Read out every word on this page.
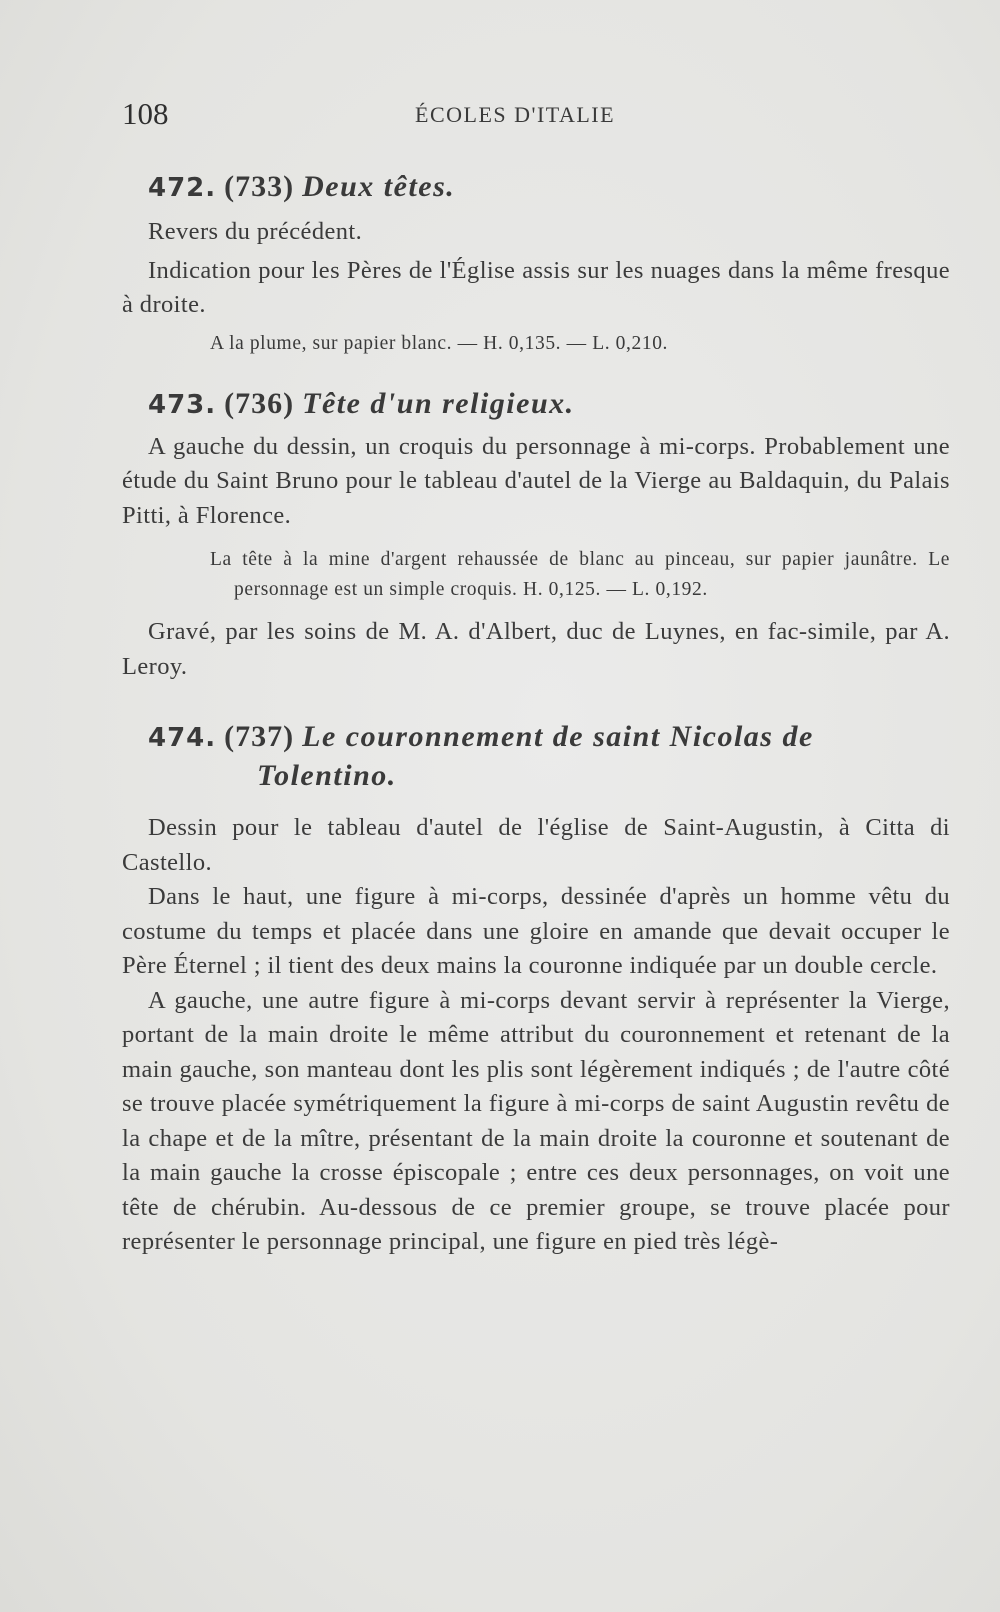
108	ÉCOLES D'ITALIE
472. (733) Deux têtes.

Revers du précédent.

Indication pour les Pères de l'Église assis sur les nuages dans la même fresque à droite.

A la plume, sur papier blanc. — H. 0,135. — L. 0,210.

473. (736) Tête d'un religieux.

A gauche du dessin, un croquis du personnage à mi-corps. Probablement une étude du Saint Bruno pour le tableau d'autel de la Vierge au Baldaquin, du Palais Pitti, à Florence.

La tête à la mine d'argent rehaussée de blanc au pinceau, sur papier jaunâtre. Le personnage est un simple croquis. H. 0,125. — L. 0,192.

Gravé, par les soins de M. A. d'Albert, duc de Luynes, en fac-simile, par A. Leroy.

474. (737) Le couronnement de saint Nicolas de Tolentino.

Dessin pour le tableau d'autel de l'église de Saint-Augustin, à Citta di Castello.

Dans le haut, une figure à mi-corps, dessinée d'après un homme vêtu du costume du temps et placée dans une gloire en amande que devait occuper le Père Éternel ; il tient des deux mains la couronne indiquée par un double cercle.

A gauche, une autre figure à mi-corps devant servir à représenter la Vierge, portant de la main droite le même attribut du couronnement et retenant de la main gauche, son manteau dont les plis sont légèrement indiqués ; de l'autre côté se trouve placée symétriquement la figure à mi-corps de saint Augustin revêtu de la chape et de la mître, présentant de la main droite la couronne et soutenant de la main gauche la crosse épiscopale ; entre ces deux personnages, on voit une tête de chérubin. Au-dessous de ce premier groupe, se trouve placée pour représenter le personnage principal, une figure en pied très légè-
